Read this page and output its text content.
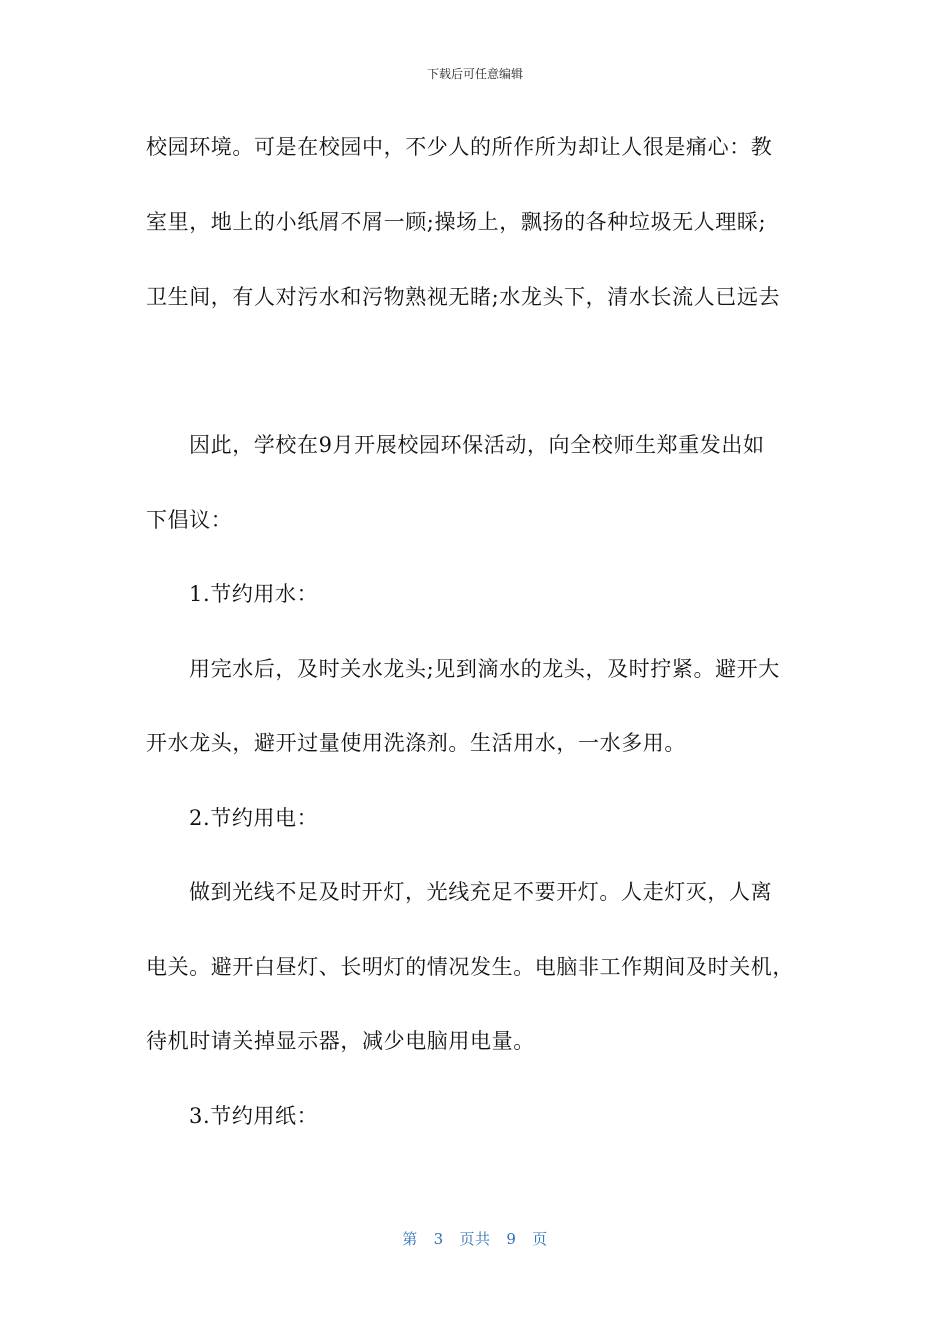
下载后可任意编辑
校园环境。可是在校园中，不少人的所作所为却让人很是痛心：教
室里，地上的小纸屑不屑一顾;操场上，飘扬的各种垃圾无人理睬;
卫生间，有人对污水和污物熟视无睹;水龙头下，清水长流人已远去
因此，学校在9月开展校园环保活动，向全校师生郑重发出如
下倡议：
1.节约用水：
用完水后，及时关水龙头;见到滴水的龙头，及时拧紧。避开大
开水龙头，避开过量使用洗涤剂。生活用水，一水多用。
2.节约用电：
做到光线不足及时开灯，光线充足不要开灯。人走灯灭，人离
电关。避开白昼灯、长明灯的情况发生。电脑非工作期间及时关机，
待机时请关掉显示器，减少电脑用电量。
3.节约用纸：
第 3 页共 9 页
